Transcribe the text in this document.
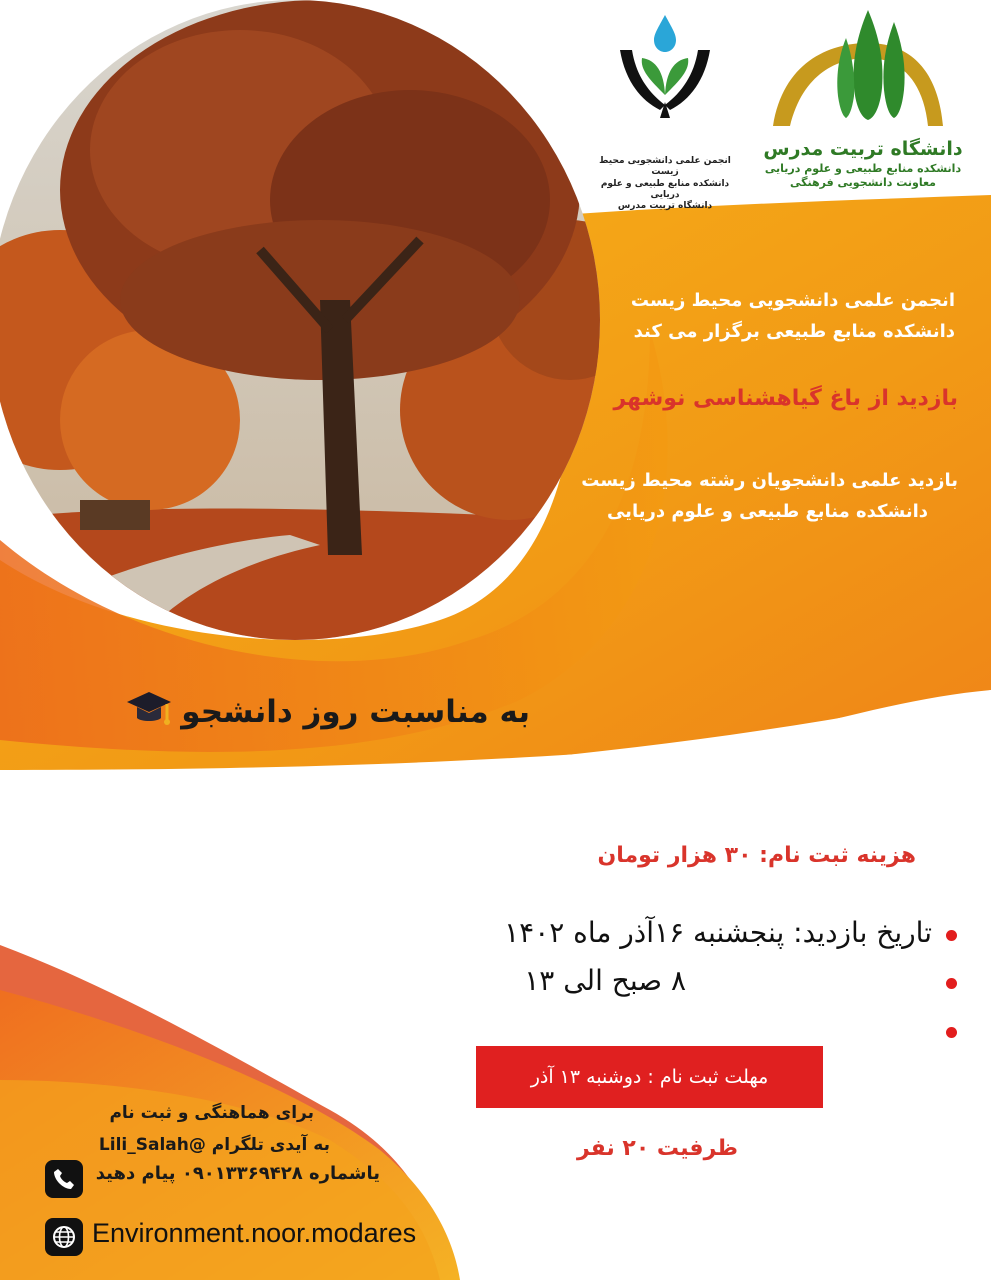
انجمن علمی دانشجویی محیط زیست
دانشکده منابع طبیعی و علوم دریایی
دانشگاه تربیت مدرس
دانشگاه تربیت مدرس
دانشکده منابع طبیعی و علوم دریایی
معاونت دانشجویی فرهنگی
انجمن علمی دانشجویی محیط زیست
دانشکده منابع طبیعی برگزار می کند
بازدید از باغ گیاهشناسی نوشهر
بازدید علمی دانشجویان رشته محیط زیست
دانشکده منابع طبیعی و علوم دریایی
به مناسبت روز دانشجو
هزینه ثبت نام: ۳۰ هزار تومان
تاریخ بازدید: پنجشنبه ۱۶آذر ماه ۱۴۰۲
۸ صبح الی ۱۳
مهلت ثبت نام : دوشنبه ۱۳ آذر
ظرفیت ۲۰ نفر
برای هماهنگی و ثبت نام
به آیدی تلگرام @Lili_Salah
یاشماره ۰۹۰۱۳۳۶۹۴۲۸ پیام دهید
Environment.noor.modares
